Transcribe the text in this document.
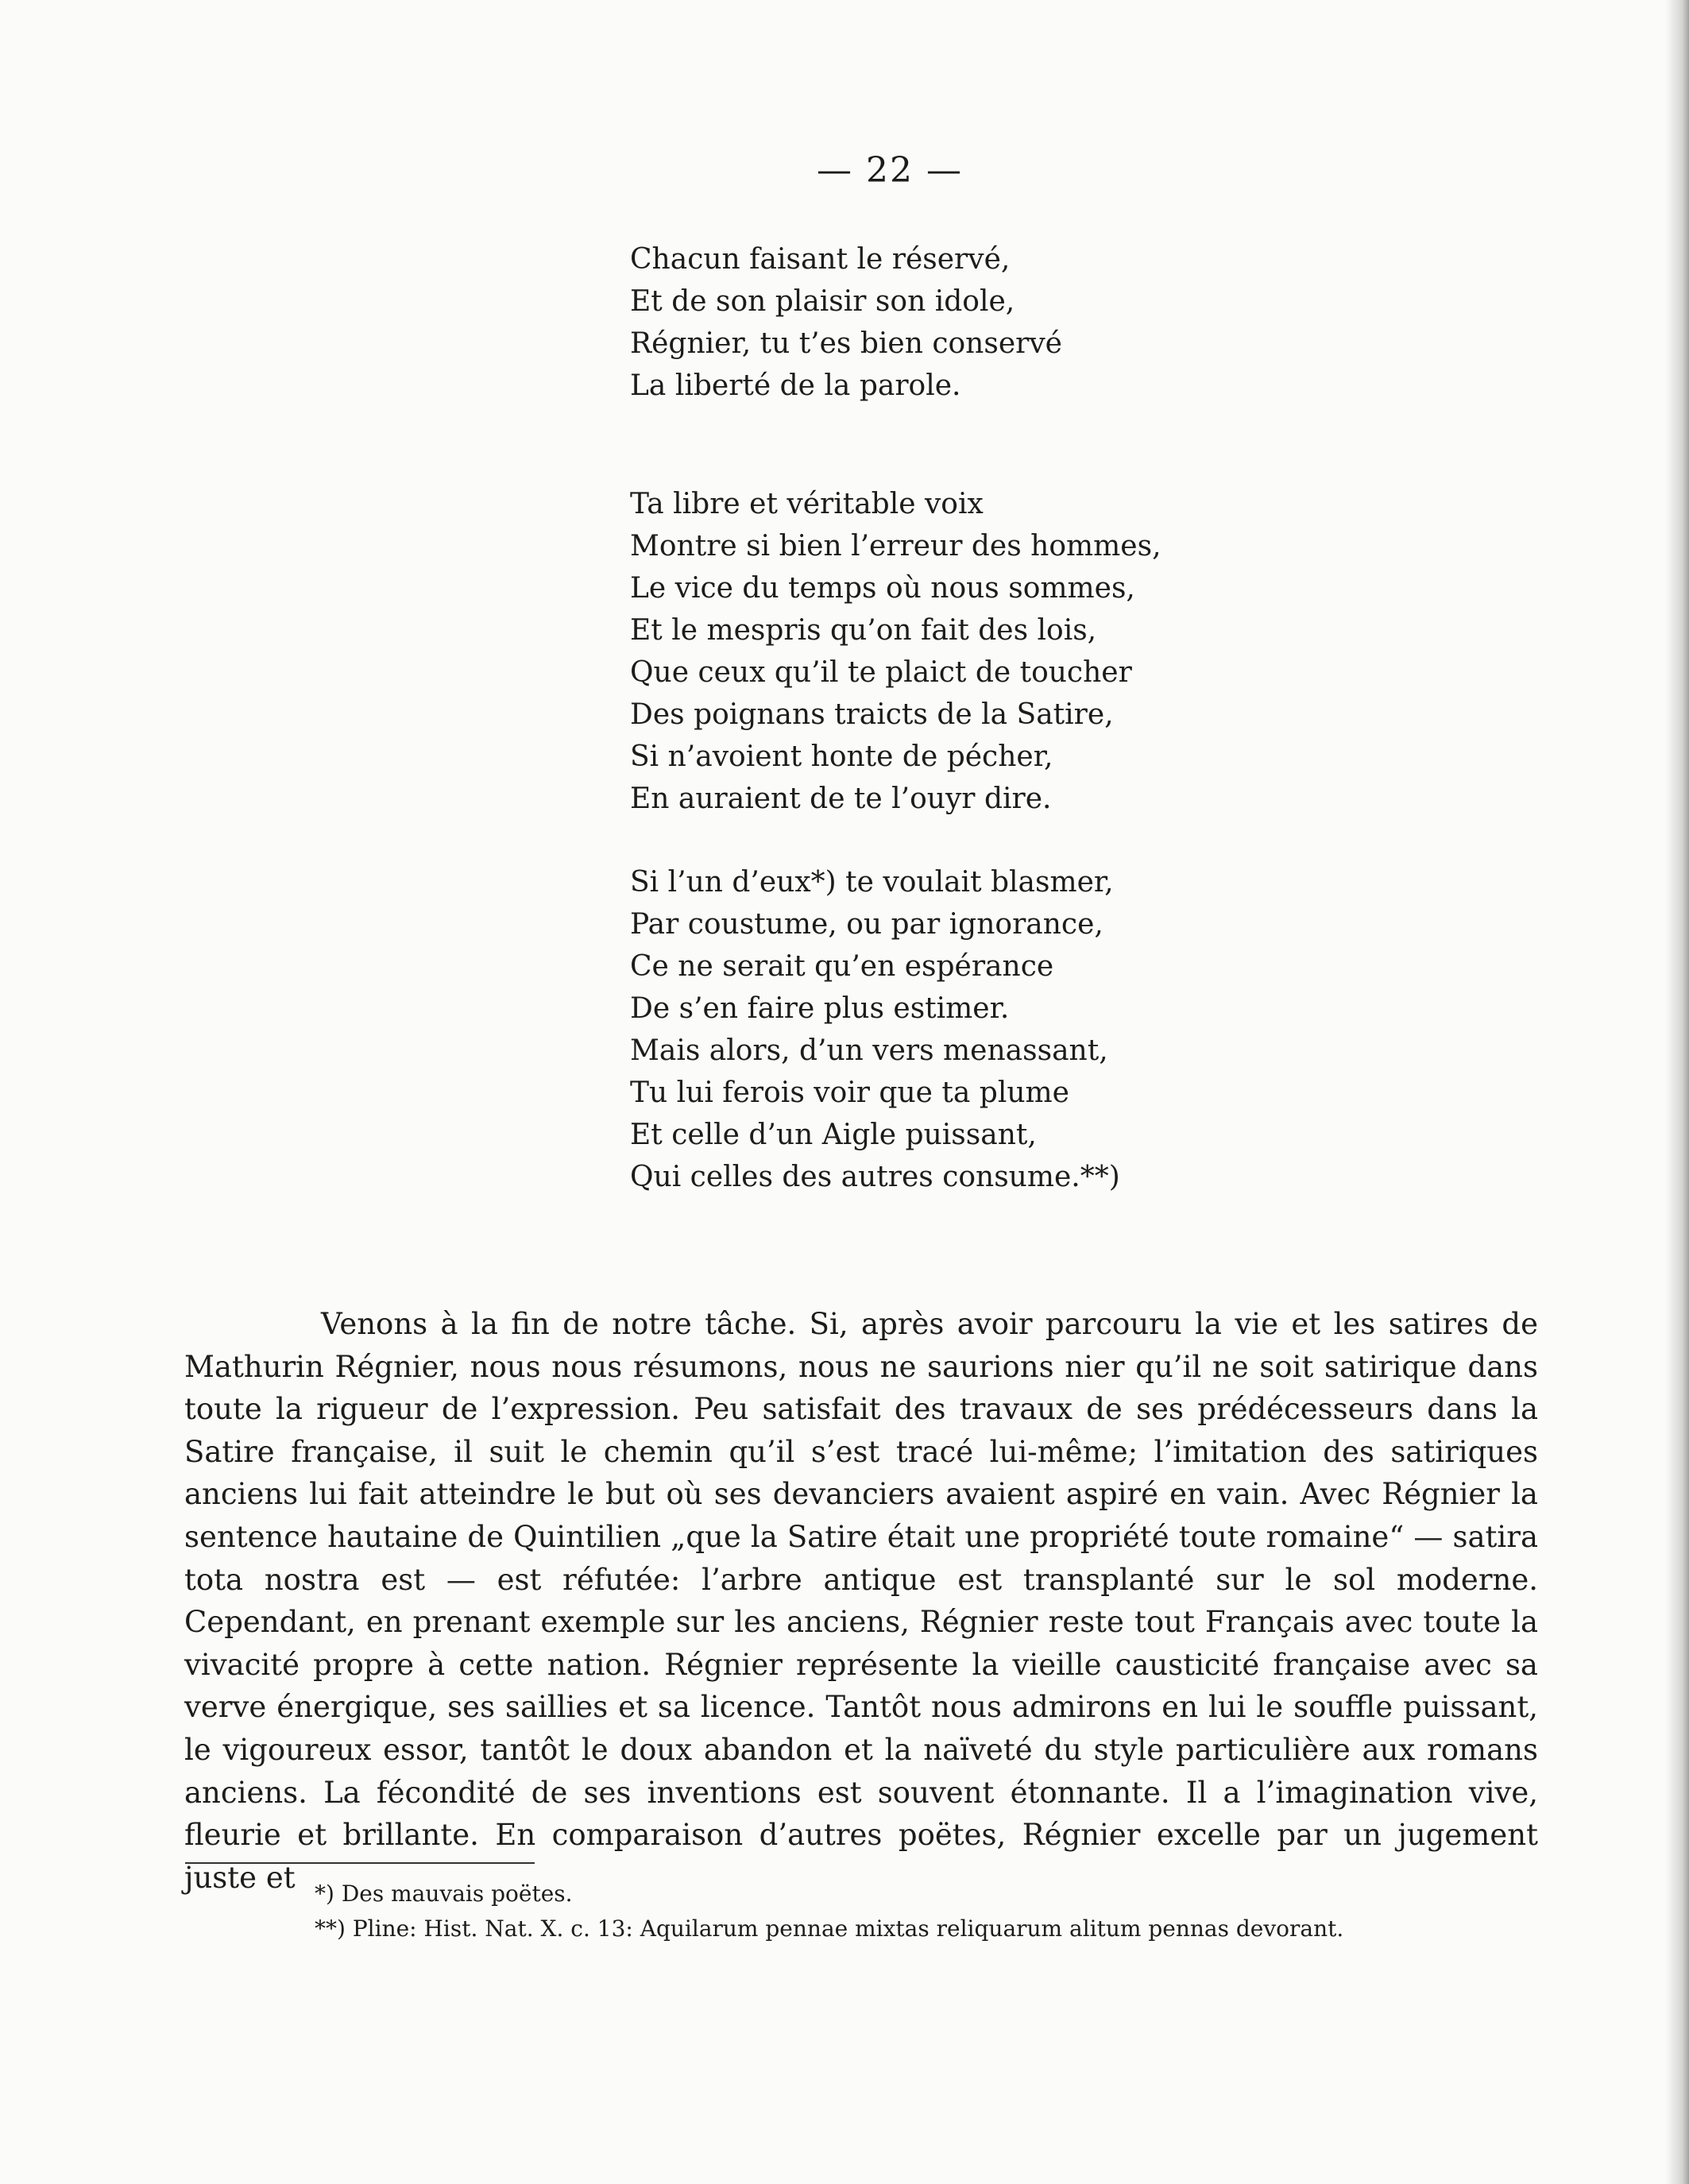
— 22 —
Chacun faisant le réservé,
Et de son plaisir son idole,
Régnier, tu t’es bien conservé
La liberté de la parole.
Ta libre et véritable voix
Montre si bien l’erreur des hommes,
Le vice du temps où nous sommes,
Et le mespris qu’on fait des lois,
Que ceux qu’il te plaict de toucher
Des poignans traicts de la Satire,
Si n’avoient honte de pécher,
En auraient de te l’ouyr dire.
Si l’un d’eux*) te voulait blasmer,
Par coustume, ou par ignorance,
Ce ne serait qu’en espérance
De s’en faire plus estimer.
Mais alors, d’un vers menassant,
Tu lui ferois voir que ta plume
Et celle d’un Aigle puissant,
Qui celles des autres consume.**)

Venons à la fin de notre tâche. Si, après avoir parcouru la vie et les satires de Mathurin Régnier, nous nous résumons, nous ne saurions nier qu’il ne soit satirique dans toute la rigueur de l’expression. Peu satisfait des travaux de ses prédécesseurs dans la Satire française, il suit le chemin qu’il s’est tracé lui-même; l’imitation des satiriques anciens lui fait atteindre le but où ses devanciers avaient aspiré en vain. Avec Régnier la sentence hautaine de Quintilien „que la Satire était une propriété toute romaine“ — satira tota nostra est — est réfutée: l’arbre antique est transplanté sur le sol moderne. Cependant, en prenant exemple sur les anciens, Régnier reste tout Français avec toute la vivacité propre à cette nation. Régnier représente la vieille causticité française avec sa verve énergique, ses saillies et sa licence. Tantôt nous admirons en lui le souffle puissant, le vigoureux essor, tantôt le doux abandon et la naïveté du style particulière aux romans anciens. La fécondité de ses inventions est souvent étonnante. Il a l’imagination vive, fleurie et brillante. En comparaison d’autres poëtes, Régnier excelle par un jugement juste et *) Des mauvais poëtes.
**) Pline: Hist. Nat. X. c. 13: Aquilarum pennae mixtas reliquarum alitum pennas devorant.
